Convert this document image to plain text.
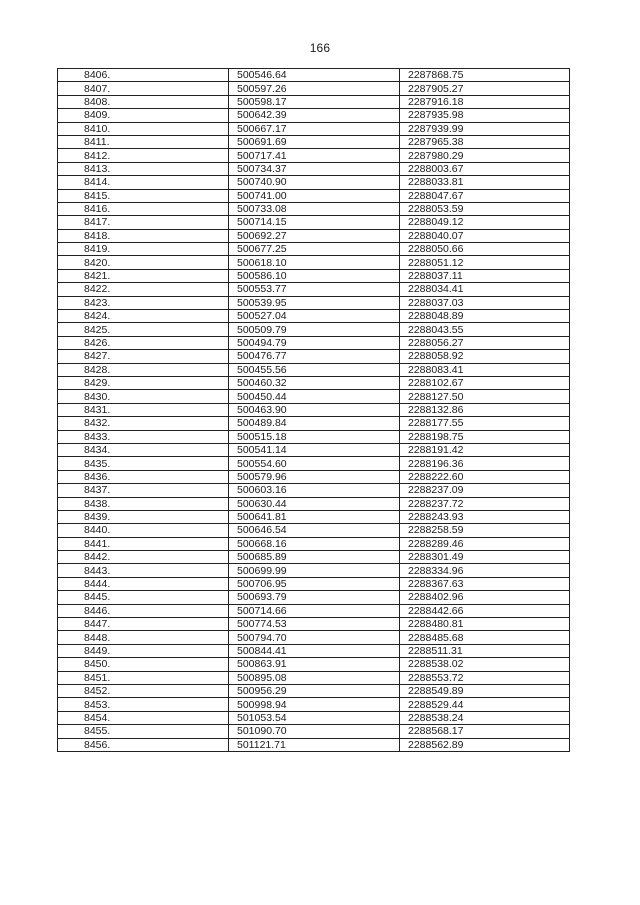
166
8406.	500546.64	2287868.75
8407.	500597.26	2287905.27
8408.	500598.17	2287916.18
8409.	500642.39	2287935.98
8410.	500667.17	2287939.99
8411.	500691.69	2287965.38
8412.	500717.41	2287980.29
8413.	500734.37	2288003.67
8414.	500740.90	2288033.81
8415.	500741.00	2288047.67
8416.	500733.08	2288053.59
8417.	500714.15	2288049.12
8418.	500692.27	2288040.07
8419.	500677.25	2288050.66
8420.	500618.10	2288051.12
8421.	500586.10	2288037.11
8422.	500553.77	2288034.41
8423.	500539.95	2288037.03
8424.	500527.04	2288048.89
8425.	500509.79	2288043.55
8426.	500494.79	2288056.27
8427.	500476.77	2288058.92
8428.	500455.56	2288083.41
8429.	500460.32	2288102.67
8430.	500450.44	2288127.50
8431.	500463.90	2288132.86
8432.	500489.84	2288177.55
8433.	500515.18	2288198.75
8434.	500541.14	2288191.42
8435.	500554.60	2288196.36
8436.	500579.96	2288222.60
8437.	500603.16	2288237.09
8438.	500630.44	2288237.72
8439.	500641.81	2288243.93
8440.	500646.54	2288258.59
8441.	500668.16	2288289.46
8442.	500685.89	2288301.49
8443.	500699.99	2288334.96
8444.	500706.95	2288367.63
8445.	500693.79	2288402.96
8446.	500714.66	2288442.66
8447.	500774.53	2288480.81
8448.	500794.70	2288485.68
8449.	500844.41	2288511.31
8450.	500863.91	2288538.02
8451.	500895.08	2288553.72
8452.	500956.29	2288549.89
8453.	500998.94	2288529.44
8454.	501053.54	2288538.24
8455.	501090.70	2288568.17
8456.	501121.71	2288562.89
